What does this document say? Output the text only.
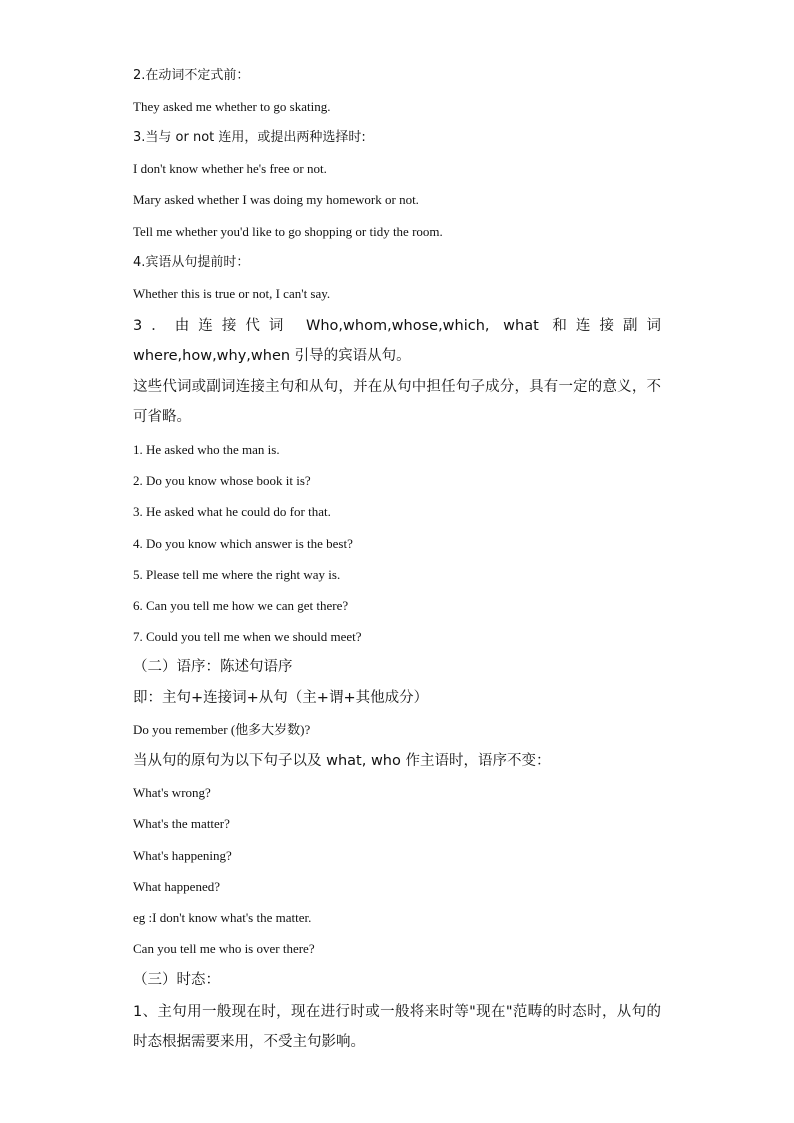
2.在动词不定式前：
They asked me whether to go skating.
3.当与 or not 连用，或提出两种选择时:
I don't know whether he's free or not.
Mary asked whether I was doing my homework or not.
Tell me whether you'd like to go shopping or tidy the room.
4.宾语从句提前时：
Whether this is true or not, I can't say.
3．由连接代词 Who,whom,whose,which, what 和连接副词 where,how,why,when 引导的宾语从句。
这些代词或副词连接主句和从句，并在从句中担任句子成分，具有一定的意义，不可省略。
1. He asked who the man is.
2. Do you know whose book it is?
3. He asked what he could do for that.
4. Do you know which answer is the best?
5. Please tell me where the right way is.
6. Can you tell me how we can get there?
7. Could you tell me when we should meet?
（二）语序：陈述句语序
即：主句+连接词+从句（主+谓+其他成分）
Do you remember (他多大岁数)?
当从句的原句为以下句子以及 what, who 作主语时，语序不变：
What's wrong?
What's the matter?
What's happening?
What happened?
eg :I don't know what's the matter.
Can you tell me who is over there?
（三）时态：
1、主句用一般现在时，现在进行时或一般将来时等"现在"范畴的时态时，从句的时态根据需要来用，不受主句影响。
